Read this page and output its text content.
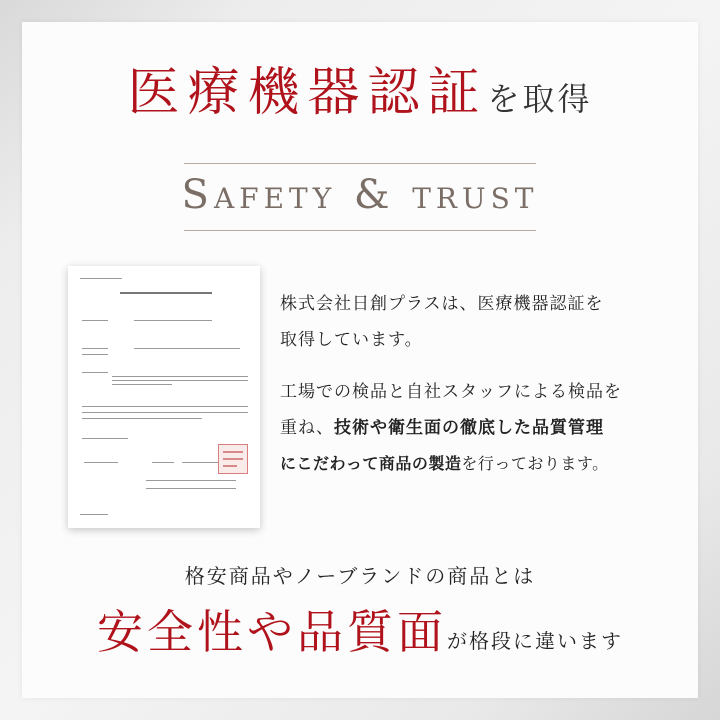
医療機器認証を取得
Safety & trust
株式会社日創プラスは、医療機器認証を
取得しています。
工場での検品と自社スタッフによる検品を
重ね、技術や衛生面の徹底した品質管理
にこだわって商品の製造を行っております。
格安商品やノーブランドの商品とは
安全性や品質面が格段に違います
